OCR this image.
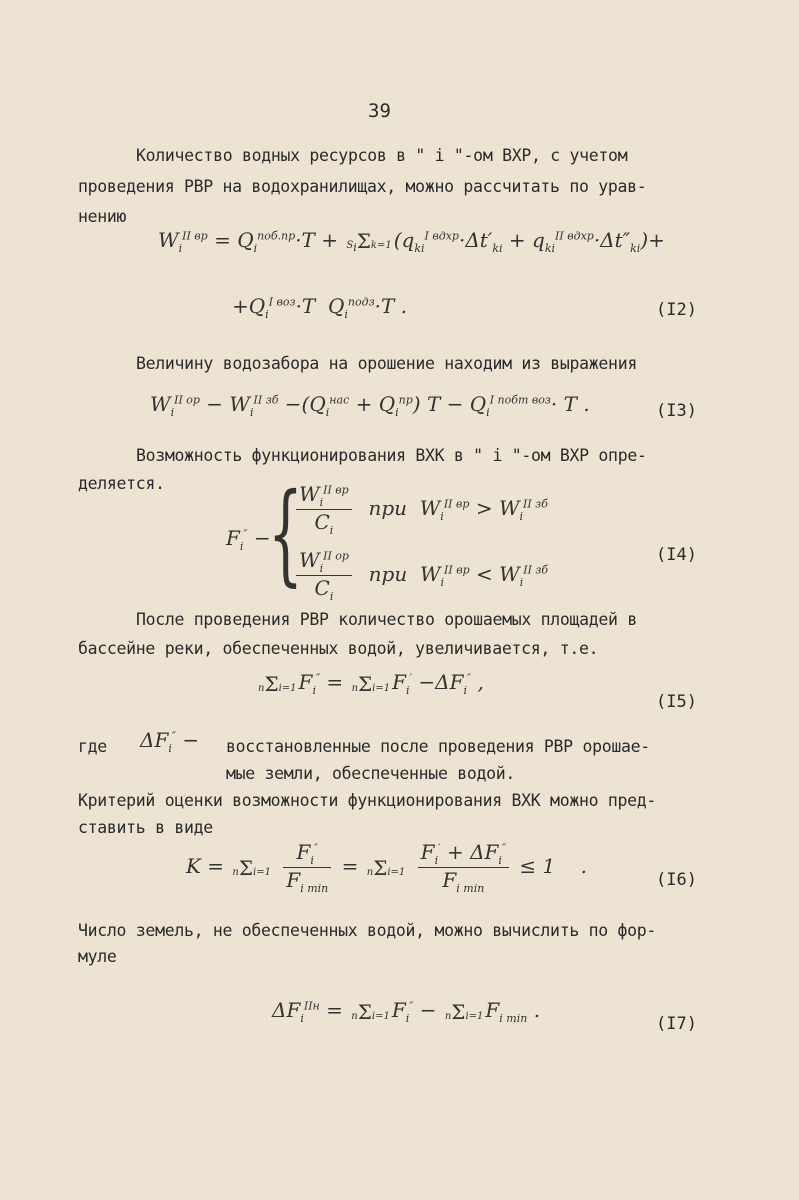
39
Количество водных ресурсов в " i "-ом ВХР, с учетом
проведения РВР на водохранилищах, можно рассчитать по урав-
нению
$W_i^{II вр} = Q_i^{поб.пр}\cdot T + S_i\Sigma k=1$ $(q_{ki}^{I вдхр}\cdot\Delta t'_{ki} + q_{ki}^{II вдхр}\cdot\Delta t''_{ki})+$
$+Q_i^{I воз}\cdot T$  $Q_i^{подз}\cdot T$ .	(I2)
Величину водозабора на орошение находим из выражения
$W_i^{II ор} - W_i^{II зб} -(Q_i^{нас} + Q_i^{пр}) T - Q_i^{I побт воз}\cdot T$ .	(I3)
Возможность функционирования ВХК в " i "-ом ВХР опре-
деляется.
$F_i''$ −
{
$\frac{W_i^{II вр}}{C_i}$ при  $W_i^{II вр} > W_i^{II зб}$
$\frac{W_i^{II ор}}{C_i}$ при  $W_i^{II вр} < W_i^{II зб}$
(I4)
После проведения РВР количество орошаемых площадей в
бассейне реки, обеспеченных водой, увеличивается, т.е.
nΣi=1 $F_i'' = n\Sigma i=1$ $F_i' -\Delta F_i''$ ,
(I5)
где $\Delta F_i''$ − восстановленные после проведения РВР орошае-
мые земли, обеспеченные водой.
Критерий оценки возможности функционирования ВХК можно пред-
ставить в виде
$K = n\Sigma i=1 \frac{F_i''}{F_{i min}} = n\Sigma i=1 \frac{F_i' + \Delta F_i''}{F_{i min}} \le 1$    .
(I6)
Число земель, не обеспеченных водой, можно вычислить по фор-
муле
$\Delta F_i^{IIн} = n\Sigma i=1$ $F_i'' - n\Sigma i=1$ $F_{i min}$ .
(I7)
